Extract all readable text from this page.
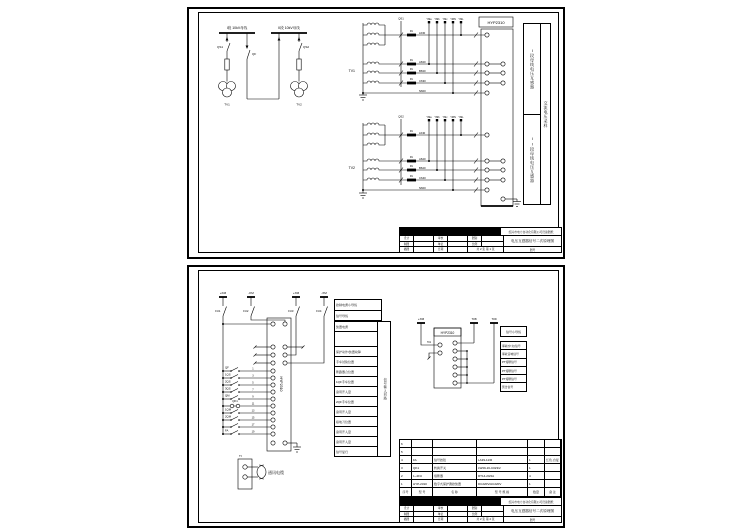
I段 10kV母线	II段 10kV母线
QS1
TV1
QF
QS2
TV2
TV1
QS1
FU
FU
FU
FU
L630
A630
B630
C630
N600
YMa YMb YMc	YMN YML
TV2
QS2
FU
FU
FU
FU
L640
A640
B640
C640
N600
YMa YMb YMc	YMN YML
HYP2310
I段母线电压互感器
II段母线电压互感器
交流电压采样
绍兴市电力自动化有限公司设备图纸
设计	审核	图别
制图	单位	比例
描图	日期	共 2 张 第 1 张
电压互感器信号二次原理图
图号
+KM	-KM	+XM	-XM
FU1	FU2	FU3	FU4
HYP2310
QF	1
1QS	3
2QS	5
3QS	7
QM	9
QK1
11
1QM	13
2QM	15
17
FA	19
TI
通讯电缆
+XM
701
HYP2310
708	709
控制电源小母线
信号母线
装置电源
保护动作/装置故障
手车试验位置
断路器合位置
1QF手车位置
备用开入量
2QF手车位置
备用开入量
接地刀位置
备用开入量
备用开入量
信号复归
信号输入回路
信号小母线
事故(中央)信号
事故音响信号
PT熔断信号
PT熔断信号
PT熔断信号
预告信号
6
5
4	FA	信号按钮	LA39-11/R	1	红色,自复
3	QK1	转换开关	LW39-16-C023/2	1
2	1~4FU	熔断器	RT14-20/2A	4
1	HYP-2310	数字式保护测控装置	DC220V/AC220V	1
序号	型 号	名 称	型 号 规 格	数量	备 注
绍兴市电力自动化有限公司设备图纸
设计	审核	图别
制图	单位	比例
描图	日期	共 2 张 第 2 张
电压互感器信号二次原理图
图号
